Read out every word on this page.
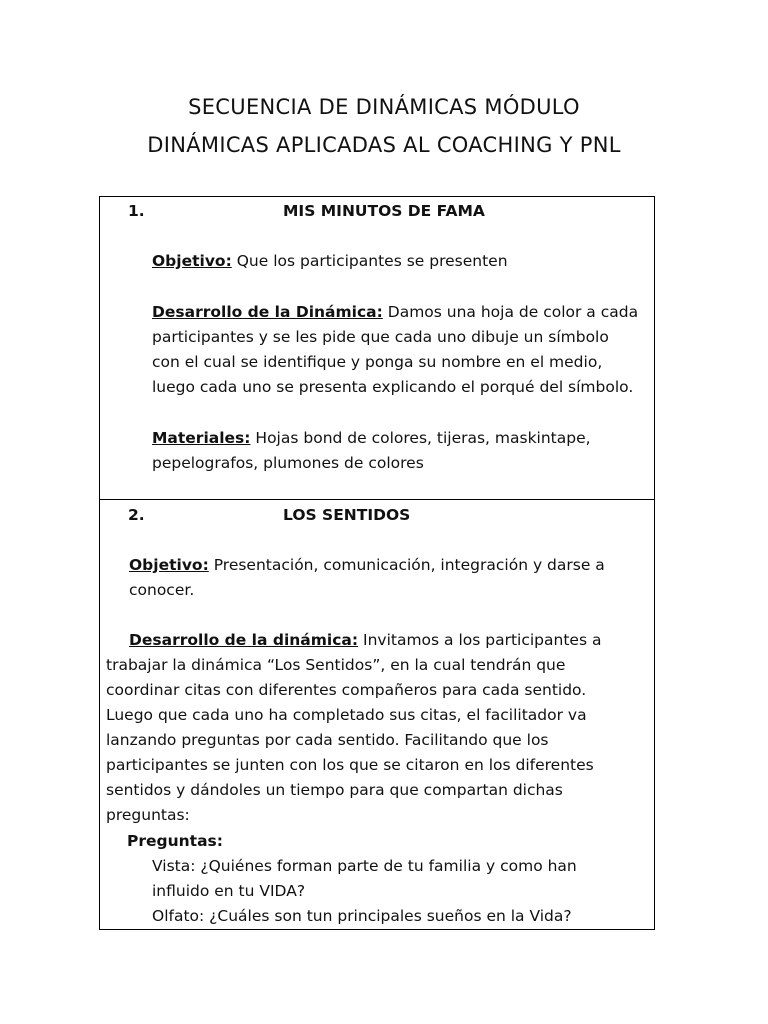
SECUENCIA DE DINÁMICAS MÓDULO
DINÁMICAS APLICADAS AL COACHING Y PNL
1.	MIS MINUTOS DE FAMA
Objetivo: Que los participantes se presenten
Desarrollo de la Dinámica: Damos una hoja de color a cada
participantes y se les pide que cada uno dibuje un símbolo
con el cual se identifique y ponga su nombre en el medio,
luego cada uno se presenta explicando el porqué del símbolo.
Materiales: Hojas bond de colores, tijeras, maskintape,
pepelografos, plumones de colores
2.	LOS SENTIDOS
Objetivo: Presentación, comunicación, integración y darse a
conocer.
Desarrollo de la dinámica: Invitamos a los participantes a
trabajar la dinámica “Los Sentidos”, en la cual tendrán que
coordinar citas con diferentes compañeros para cada sentido.
Luego que cada uno ha completado sus citas, el facilitador va
lanzando preguntas por cada sentido. Facilitando que los
participantes se junten con los que se citaron en los diferentes
sentidos y dándoles un tiempo para que compartan dichas
preguntas:
Preguntas:
Vista: ¿Quiénes forman parte de tu familia y como han
influido en tu VIDA?
Olfato: ¿Cuáles son tun principales sueños en la Vida?
